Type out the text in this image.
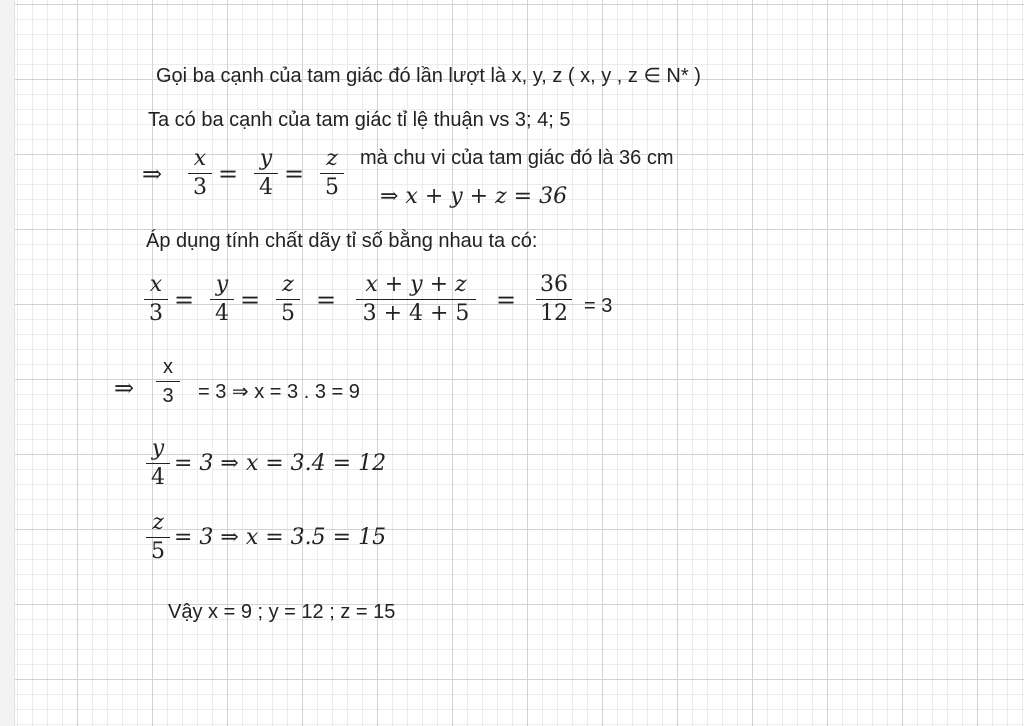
Gọi ba cạnh của tam giác đó lần lượt là x, y, z ( x, y , z ∈ N* )
Ta có ba cạnh của tam giác tỉ lệ thuận vs 3; 4; 5
⇒
x
3 =
y
4 =
z
5
mà chu vi của tam giác đó là 36 cm
⇒ x + y + z = 36
Áp dụng tính chất dãy tỉ số bằng nhau ta có:
x
3 =
y
4 =
z
5 =
x + y + z
3 + 4 + 5 =
36
12 = 3
⇒
x
3	= 3 ⇒ x = 3 . 3 = 9
y
4
= 3 ⇒ x = 3.4 = 12
z
5
= 3 ⇒ x = 3.5 = 15
Vậy x = 9 ; y = 12 ; z = 15
